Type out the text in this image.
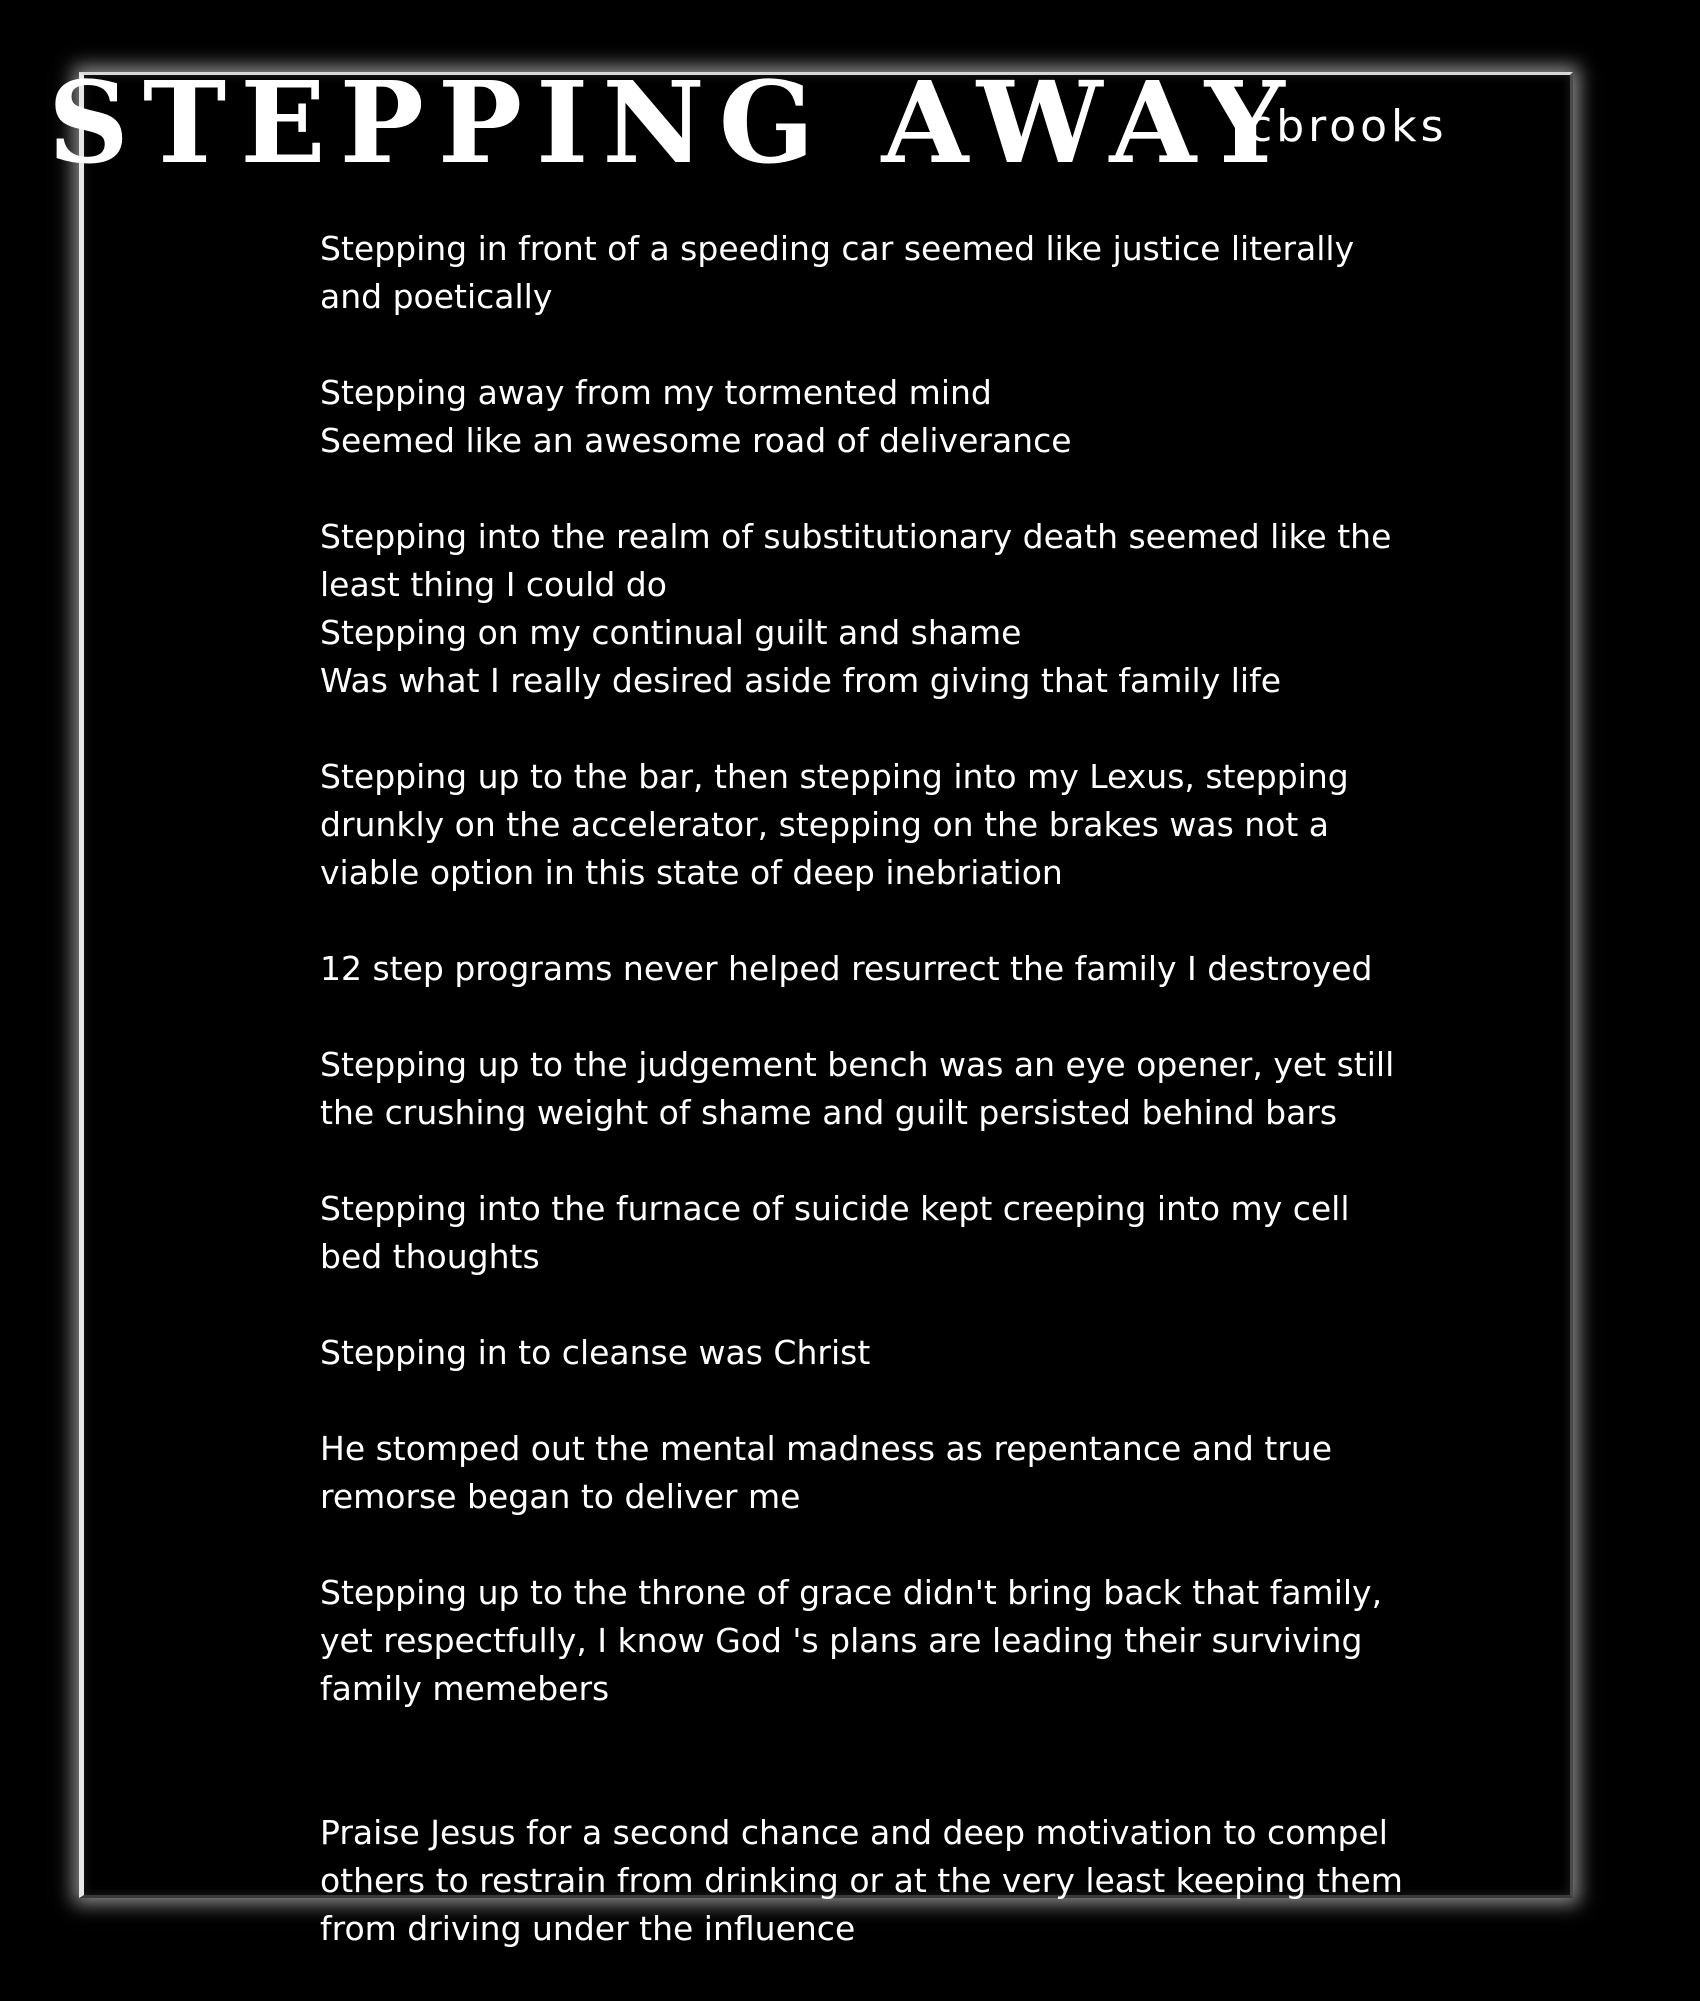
STEPPING AWAY
cbrooks

Stepping in front of a speeding car seemed like justice literally
and poetically

Stepping away from my tormented mind
Seemed like an awesome road of deliverance

Stepping into the realm of substitutionary death seemed like the
least thing I could do
Stepping on my continual guilt and shame
Was what I really desired aside from giving that family life

Stepping up to the bar, then stepping into my Lexus, stepping
drunkly on the accelerator, stepping on the brakes was not a
viable option in this state of deep inebriation

12 step programs never helped resurrect the family I destroyed

Stepping up to the judgement bench was an eye opener, yet still
the crushing weight of shame and guilt persisted behind bars

Stepping into the furnace of suicide kept creeping into my cell
bed thoughts

Stepping in to cleanse was Christ

He stomped out the mental madness as repentance and true
remorse began to deliver me

Stepping up to the throne of grace didn't bring back that family,
yet respectfully, I know God 's plans are leading their surviving
family memebers

Praise Jesus for a second chance and deep motivation to compel
others to restrain from drinking or at the very least keeping them
from driving under the influence
